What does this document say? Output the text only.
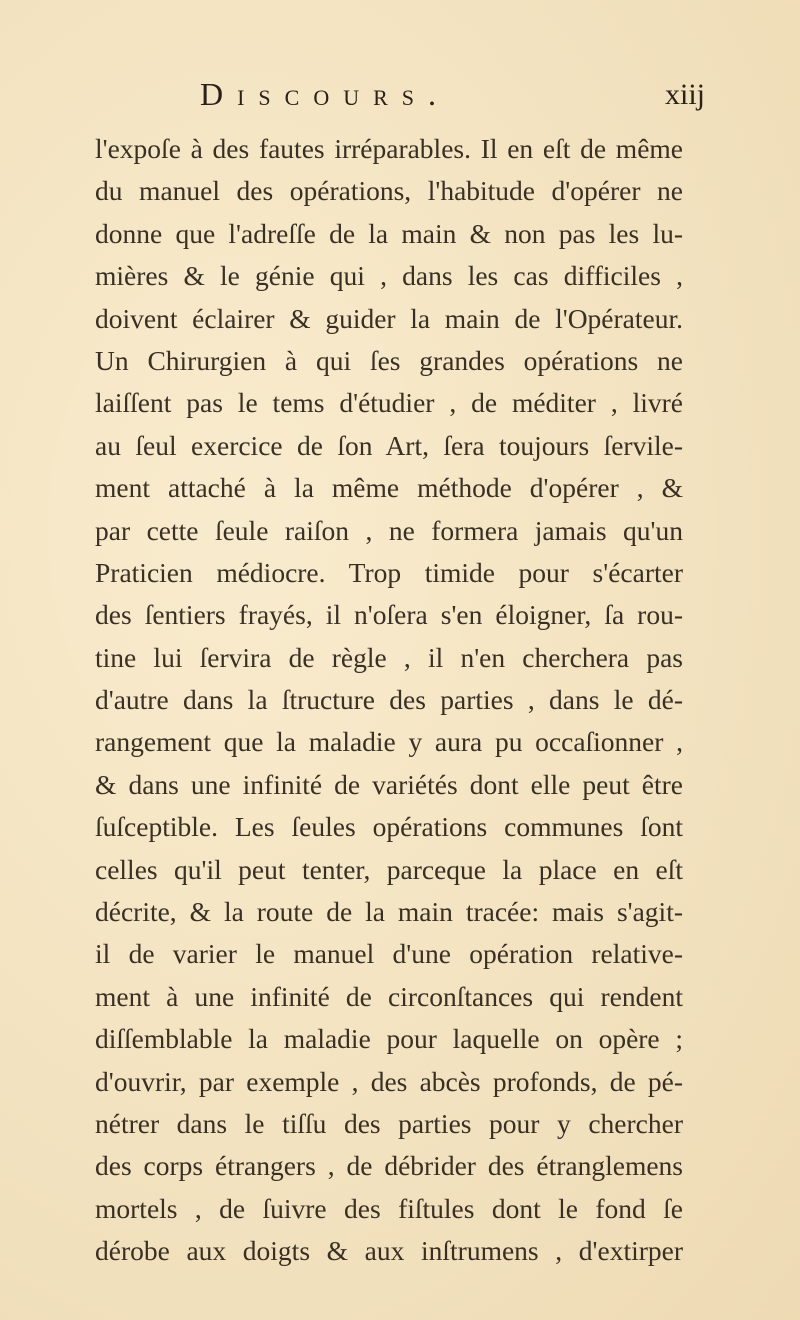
Discours.	xiij
l'expoſe à des fautes irréparables. Il en eſt de même
du manuel des opérations, l'habitude d'opérer ne
donne que l'adreſſe de la main & non pas les lu-
mières & le génie qui , dans les cas difficiles ,
doivent éclairer & guider la main de l'Opérateur.
Un Chirurgien à qui ſes grandes opérations ne
laiſſent pas le tems d'étudier , de méditer , livré
au ſeul exercice de ſon Art, ſera toujours ſervile-
ment attaché à la même méthode d'opérer , &
par cette ſeule raiſon , ne formera jamais qu'un
Praticien médiocre. Trop timide pour s'écarter
des ſentiers frayés, il n'oſera s'en éloigner, ſa rou-
tine lui ſervira de règle , il n'en cherchera pas
d'autre dans la ſtructure des parties , dans le dé-
rangement que la maladie y aura pu occaſionner ,
& dans une infinité de variétés dont elle peut être
ſuſceptible. Les ſeules opérations communes ſont
celles qu'il peut tenter, parceque la place en eſt
décrite, & la route de la main tracée: mais s'agit-
il de varier le manuel d'une opération relative-
ment à une infinité de circonſtances qui rendent
diſſemblable la maladie pour laquelle on opère ;
d'ouvrir, par exemple , des abcès profonds, de pé-
nétrer dans le tiſſu des parties pour y chercher
des corps étrangers , de débrider des étranglemens
mortels , de ſuivre des fiſtules dont le fond ſe
dérobe aux doigts & aux inſtrumens , d'extirper
